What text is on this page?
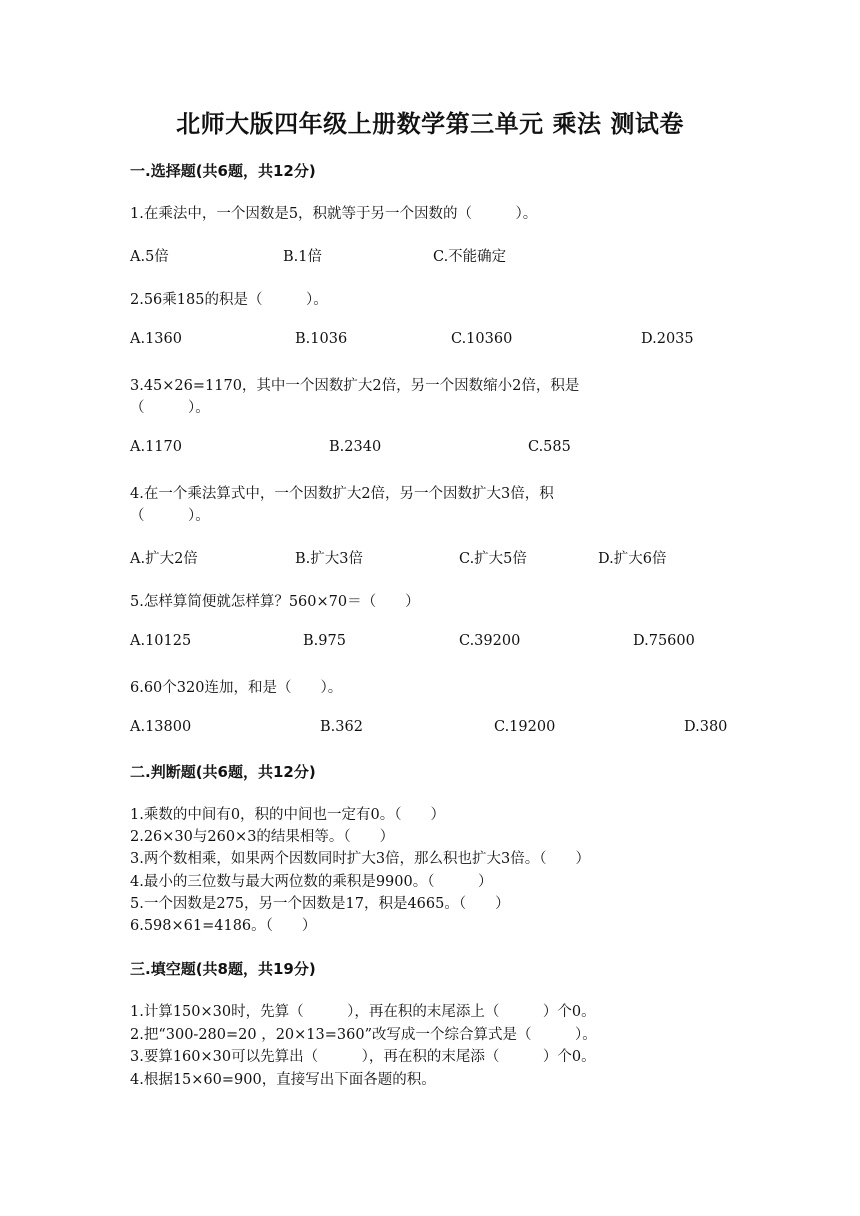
北师大版四年级上册数学第三单元 乘法 测试卷
一.选择题(共6题，共12分)
1.在乘法中，一个因数是5，积就等于另一个因数的（　　　）。
A.5倍	B.1倍	C.不能确定
2.56乘185的积是（　　　）。
A.1360	B.1036	C.10360	D.2035
3.45×26=1170，其中一个因数扩大2倍，另一个因数缩小2倍，积是
（　　　）。
A.1170	B.2340	C.585
4.在一个乘法算式中，一个因数扩大2倍，另一个因数扩大3倍，积
（　　　）。
A.扩大2倍	B.扩大3倍	C.扩大5倍	D.扩大6倍
5.怎样算简便就怎样算？560×70＝（　　）
A.10125	B.975	C.39200	D.75600
6.60个320连加，和是（　　）。
A.13800	B.362	C.19200	D.380
二.判断题(共6题，共12分)
1.乘数的中间有0，积的中间也一定有0。（　　）
2.26×30与260×3的结果相等。（　　）
3.两个数相乘，如果两个因数同时扩大3倍，那么积也扩大3倍。（　　）
4.最小的三位数与最大两位数的乘积是9900。（　　　）
5.一个因数是275，另一个因数是17，积是4665。（　　）
6.598×61=4186。（　　）
三.填空题(共8题，共19分)
1.计算150×30时，先算（　　　），再在积的末尾添上（　　　）个0。
2.把“300-280=20 ，20×13=360”改写成一个综合算式是（　　　）。
3.要算160×30可以先算出（　　　），再在积的末尾添（　　　）个0。
4.根据15×60=900，直接写出下面各题的积。
